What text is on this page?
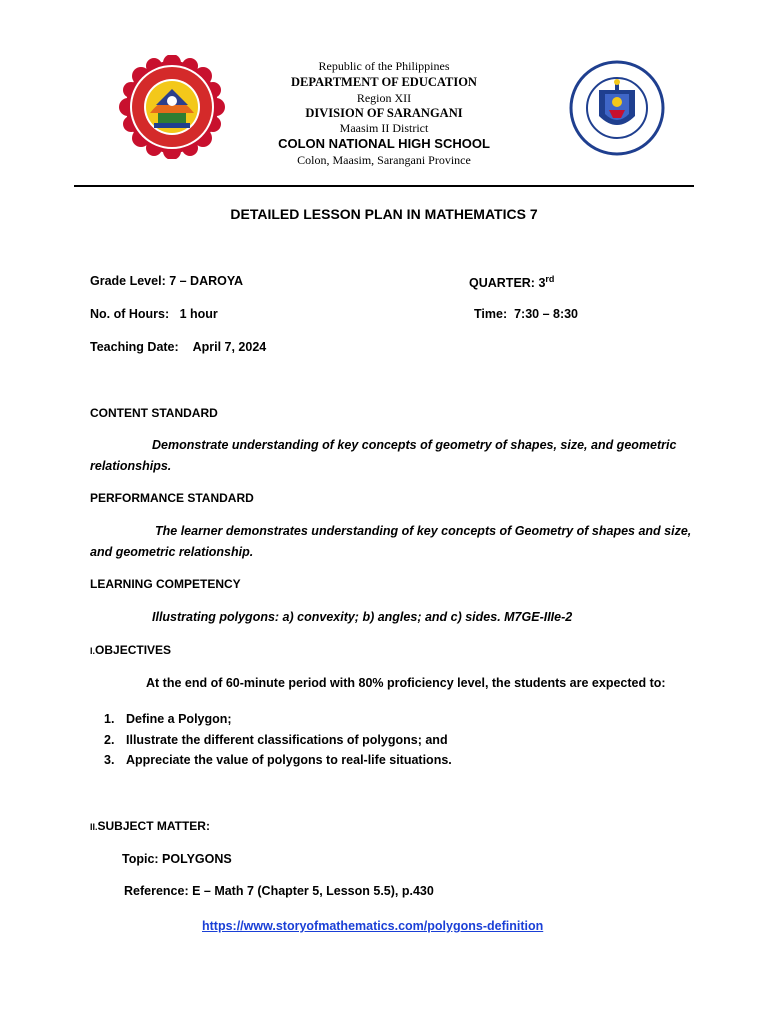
Republic of the Philippines
DEPARTMENT OF EDUCATION
Region XII
DIVISION OF SARANGANI
Maasim II District
COLON NATIONAL HIGH SCHOOL
Colon, Maasim, Sarangani Province
DETAILED LESSON PLAN IN MATHEMATICS 7
Grade Level: 7 – DAROYA	QUARTER: 3rd
No. of Hours: 1 hour	Time: 7:30 – 8:30
Teaching Date: April 7, 2024
CONTENT STANDARD
Demonstrate understanding of key concepts of geometry of shapes, size, and geometric
relationships.
PERFORMANCE STANDARD
The learner demonstrates understanding of key concepts of Geometry of shapes and size,
and geometric relationship.
LEARNING COMPETENCY
Illustrating polygons: a) convexity; b) angles; and c) sides. M7GE-IIIe-2
I.OBJECTIVES
At the end of 60-minute period with 80% proficiency level, the students are expected to:
1. Define a Polygon;
2. Illustrate the different classifications of polygons; and
3. Appreciate the value of polygons to real-life situations.
II.SUBJECT MATTER:
Topic: POLYGONS
Reference: E – Math 7 (Chapter 5, Lesson 5.5), p.430
https://www.storyofmathematics.com/polygons-definition
